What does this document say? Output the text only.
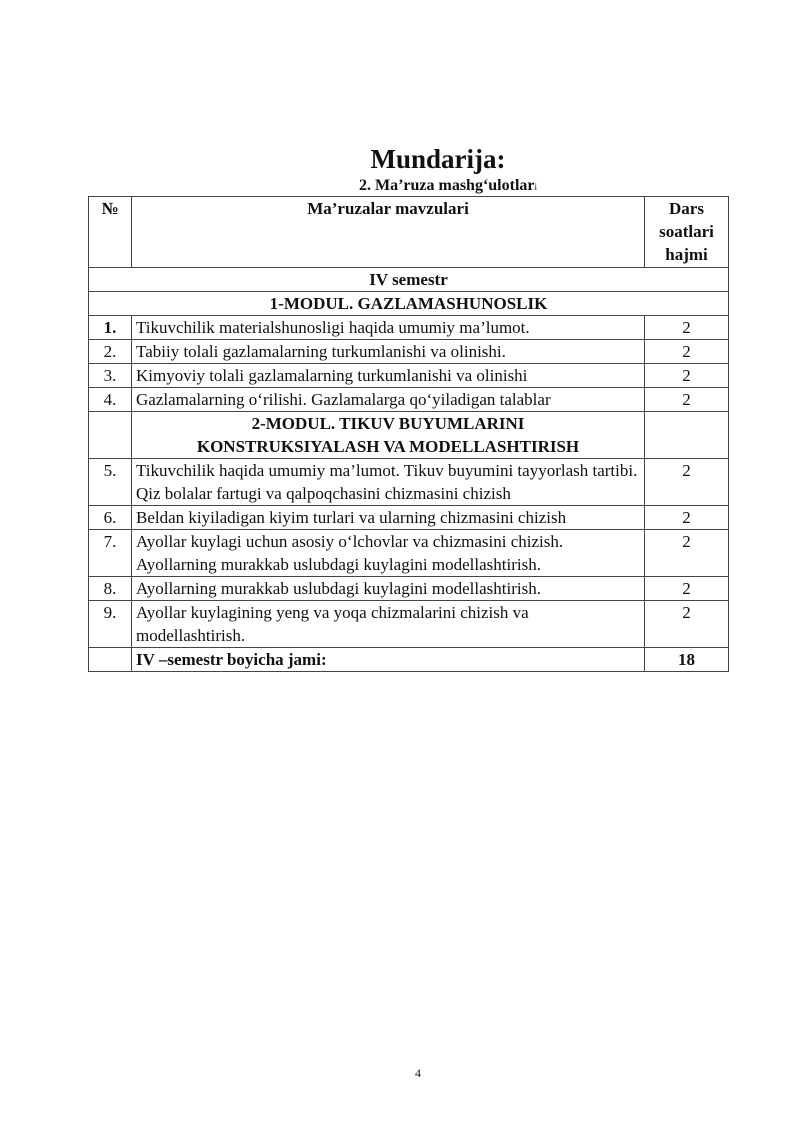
Mundarija:
2. Ma’ruza mashg‘ulotlari
№	Ma’ruzalar mavzulari	Dars
soatlari
hajmi

IV semestr		
1-MODUL. GAZLAMASHUNOSLIK		
1.	Tikuvchilik materialshunosligi haqida umumiy ma’lumot.	2
2.	Tabiiy tolali gazlamalarning turkumlanishi va olinishi.	2
3.	Kimyoviy tolali gazlamalarning turkumlanishi va olinishi	2
4.	Gazlamalarning o‘rilishi. Gazlamalarga qo‘yiladigan talablar	2
	2-MODUL. TIKUV BUYUMLARINI
KONSTRUKSIYALASH VA MODELLASHTIRISH	
5.	Tikuvchilik haqida umumiy ma’lumot. Tikuv buyumini tayyorlash tartibi. Qiz bolalar fartugi va qalpoqchasini chizmasini chizish	2
6.	Beldan kiyiladigan kiyim turlari va ularning chizmasini chizish	2
7.	Ayollar kuylagi uchun asosiy o‘lchovlar va chizmasini chizish. Ayollarning murakkab uslubdagi kuylagini modellashtirish.	2
8.	Ayollarning murakkab uslubdagi kuylagini modellashtirish.	2
9.	Ayollar kuylagining yeng va yoqa chizmalarini chizish va modellashtirish.	2
	IV –semestr boyicha jami:	18
4
